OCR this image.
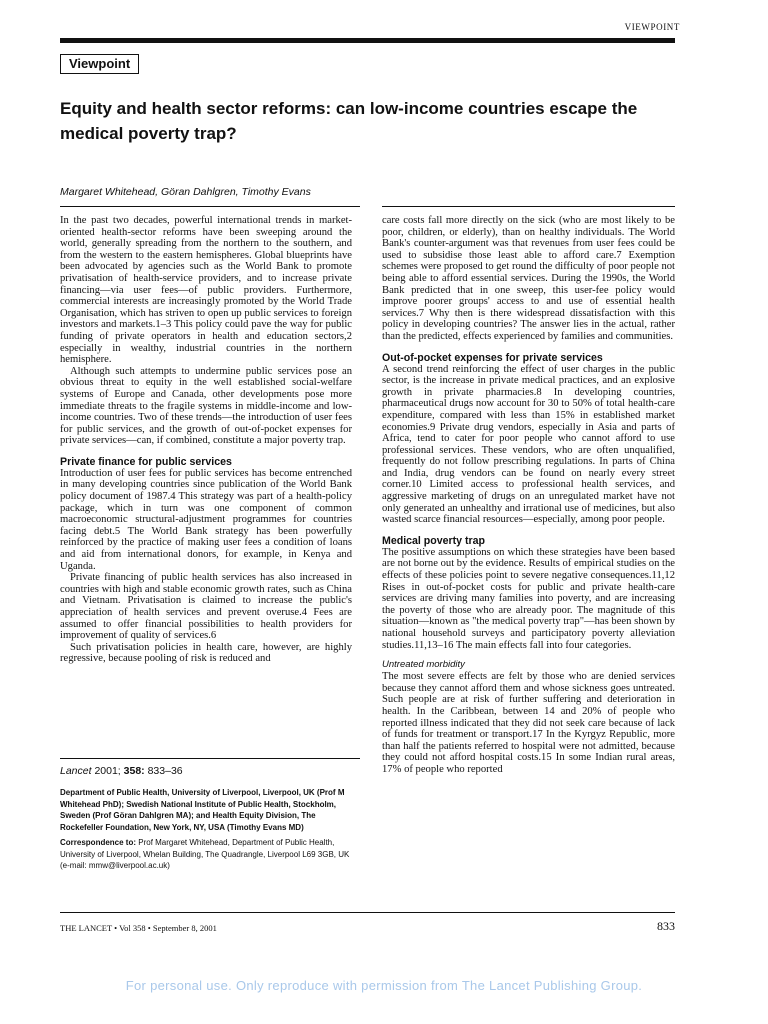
VIEWPOINT
Viewpoint
Equity and health sector reforms: can low-income countries escape the medical poverty trap?
Margaret Whitehead, Göran Dahlgren, Timothy Evans

In the past two decades, powerful international trends in market-oriented health-sector reforms have been sweeping around the world, generally spreading from the northern to the southern, and from the western to the eastern hemispheres. Global blueprints have been advocated by agencies such as the World Bank to promote privatisation of health-service providers, and to increase private financing—via user fees—of public providers. Furthermore, commercial interests are increasingly promoted by the World Trade Organisation, which has striven to open up public services to foreign investors and markets.1–3 This policy could pave the way for public funding of private operators in health and education sectors,2 especially in wealthy, industrial countries in the northern hemisphere.

Although such attempts to undermine public services pose an obvious threat to equity in the well established social-welfare systems of Europe and Canada, other developments pose more immediate threats to the fragile systems in middle-income and low-income countries. Two of these trends—the introduction of user fees for public services, and the growth of out-of-pocket expenses for private services—can, if combined, constitute a major poverty trap.

Private finance for public services

Introduction of user fees for public services has become entrenched in many developing countries since publication of the World Bank policy document of 1987.4 This strategy was part of a health-policy package, which in turn was one component of common macroeconomic structural-adjustment programmes for countries facing debt.5 The World Bank strategy has been powerfully reinforced by the practice of making user fees a condition of loans and aid from international donors, for example, in Kenya and Uganda.

Private financing of public health services has also increased in countries with high and stable economic growth rates, such as China and Vietnam. Privatisation is claimed to increase the public's appreciation of health services and prevent overuse.4 Fees are assumed to offer financial possibilities to health providers for improvement of quality of services.6

Such privatisation policies in health care, however, are highly regressive, because pooling of risk is reduced and

care costs fall more directly on the sick (who are most likely to be poor, children, or elderly), than on healthy individuals. The World Bank's counter-argument was that revenues from user fees could be used to subsidise those least able to afford care.7 Exemption schemes were proposed to get round the difficulty of poor people not being able to afford essential services. During the 1990s, the World Bank predicted that in one sweep, this user-fee policy would improve poorer groups' access to and use of essential health services.7 Why then is there widespread dissatisfaction with this policy in developing countries? The answer lies in the actual, rather than the predicted, effects experienced by families and communities.

Out-of-pocket expenses for private services

A second trend reinforcing the effect of user charges in the public sector, is the increase in private medical practices, and an explosive growth in private pharmacies.8 In developing countries, pharmaceutical drugs now account for 30 to 50% of total health-care expenditure, compared with less than 15% in established market economies.9 Private drug vendors, especially in Asia and parts of Africa, tend to cater for poor people who cannot afford to use professional services. These vendors, who are often unqualified, frequently do not follow prescribing regulations. In parts of China and India, drug vendors can be found on nearly every street corner.10 Limited access to professional health services, and aggressive marketing of drugs on an unregulated market have not only generated an unhealthy and irrational use of medicines, but also wasted scarce financial resources—especially, among poor people.

Medical poverty trap

The positive assumptions on which these strategies have been based are not borne out by the evidence. Results of empirical studies on the effects of these policies point to severe negative consequences.11,12 Rises in out-of-pocket costs for public and private health-care services are driving many families into poverty, and are increasing the poverty of those who are already poor. The magnitude of this situation—known as "the medical poverty trap"—has been shown by national household surveys and participatory poverty alleviation studies.11,13–16 The main effects fall into four categories.

Untreated morbidity

The most severe effects are felt by those who are denied services because they cannot afford them and whose sickness goes untreated. Such people are at risk of further suffering and deterioration in health. In the Caribbean, between 14 and 20% of people who reported illness indicated that they did not seek care because of lack of funds for treatment or transport.17 In the Kyrgyz Republic, more than half the patients referred to hospital were not admitted, because they could not afford hospital costs.15 In some Indian rural areas, 17% of people who reported

Lancet 2001; 358: 833–36

Department of Public Health, University of Liverpool, Liverpool, UK (Prof M Whitehead PhD); Swedish National Institute of Public Health, Stockholm, Sweden (Prof Göran Dahlgren MA); and Health Equity Division, The Rockefeller Foundation, New York, NY, USA (Timothy Evans MD)

Correspondence to: Prof Margaret Whitehead, Department of Public Health, University of Liverpool, Whelan Building, The Quadrangle, Liverpool L69 3GB, UK (e-mail: mmw@liverpool.ac.uk)

THE LANCET • Vol 358 • September 8, 2001	833
For personal use. Only reproduce with permission from The Lancet Publishing Group.
